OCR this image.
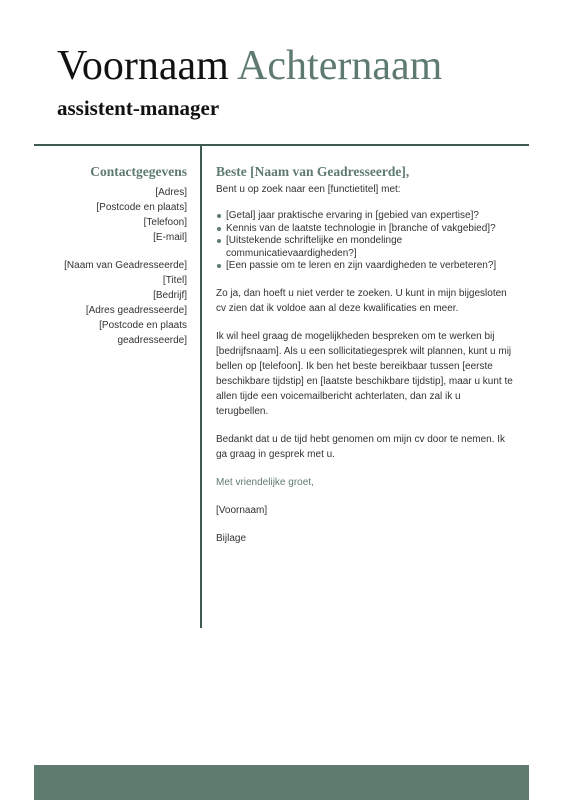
Voornaam Achternaam
assistent-manager
Contactgegevens
[Adres]
[Postcode en plaats]
[Telefoon]
[E-mail]
[Naam van Geadresseerde]
[Titel]
[Bedrijf]
[Adres geadresseerde]
[Postcode en plaats geadresseerde]
Beste [Naam van Geadresseerde],
Bent u op zoek naar een [functietitel] met:
[Getal] jaar praktische ervaring in [gebied van expertise]?
Kennis van de laatste technologie in [branche of vakgebied]?
[Uitstekende schriftelijke en mondelinge communicatievaardigheden?]
[Een passie om te leren en zijn vaardigheden te verbeteren?]

Zo ja, dan hoeft u niet verder te zoeken. U kunt in mijn bijgesloten cv zien dat ik voldoe aan al deze kwalificaties en meer.

Ik wil heel graag de mogelijkheden bespreken om te werken bij [bedrijfsnaam]. Als u een sollicitatiegesprek wilt plannen, kunt u mij bellen op [telefoon]. Ik ben het beste bereikbaar tussen [eerste beschikbare tijdstip] en [laatste beschikbare tijdstip], maar u kunt te allen tijde een voicemailbericht achterlaten, dan zal ik u terugbellen.

Bedankt dat u de tijd hebt genomen om mijn cv door te nemen. Ik ga graag in gesprek met u.

Met vriendelijke groet,

[Voornaam]

Bijlage
